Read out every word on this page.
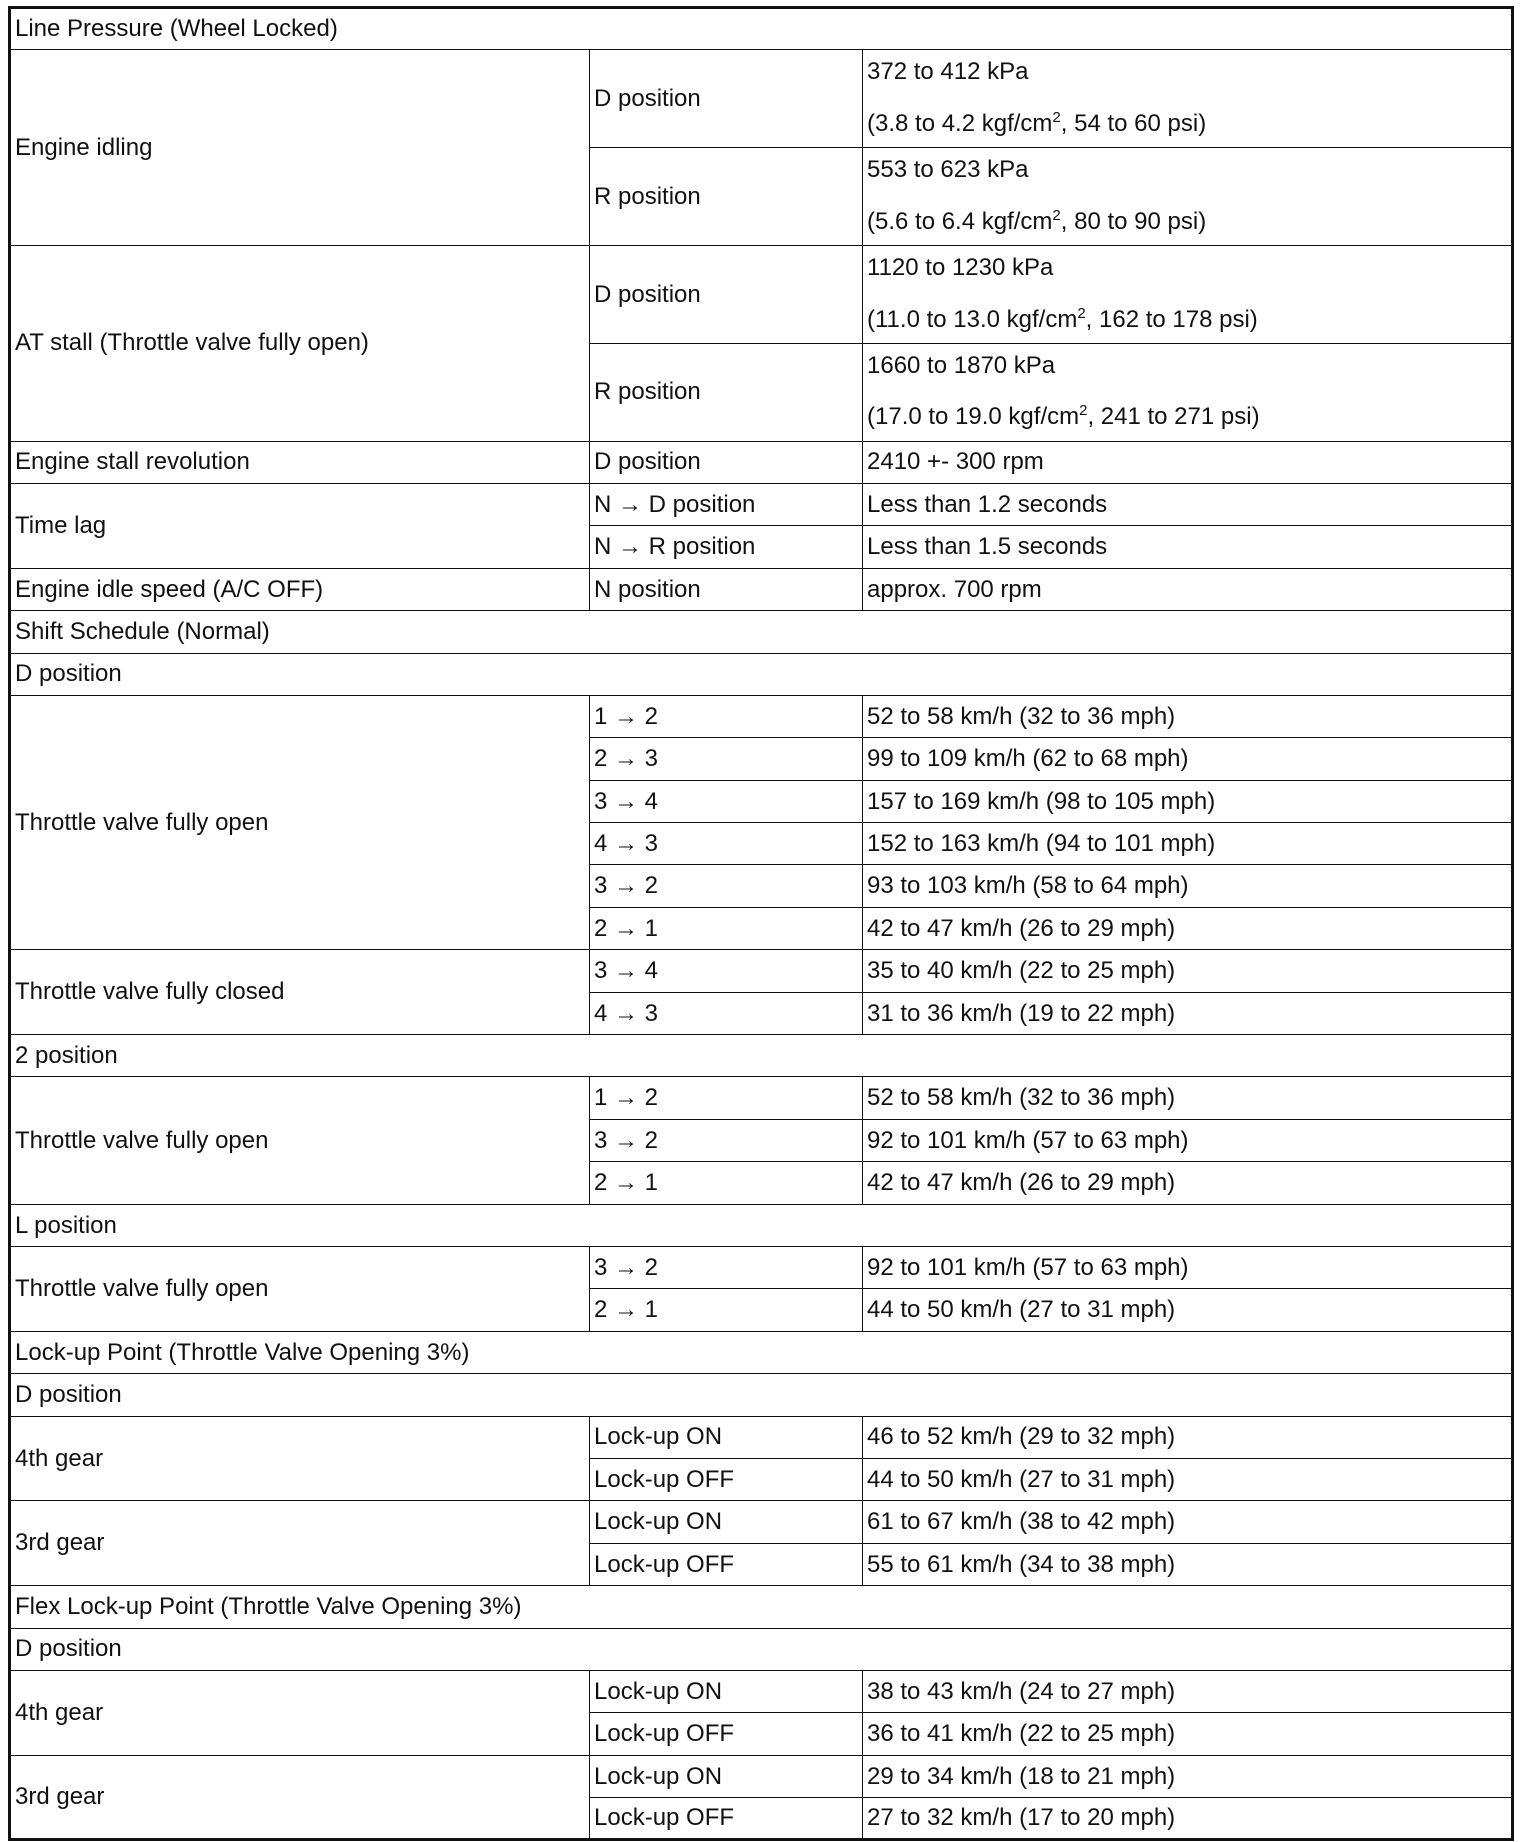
Line Pressure (Wheel Locked)		
Engine idling	D position	372 to 412 kPa
(3.8 to 4.2 kgf/$cm^2$, 54 to 60 psi)

	R position	553 to 623 kPa
(5.6 to 6.4 kgf/$cm^2$, 80 to 90 psi)

AT stall (Throttle valve fully open)	D position	1120 to 1230 kPa
(11.0 to 13.0 kgf/$cm^2$, 162 to 178 psi)

	R position	1660 to 1870 kPa
(17.0 to 19.0 kgf/$cm^2$, 241 to 271 psi)

Engine stall revolution	D position	2410 +- 300 rpm
Time lag	N → D position	Less than 1.2 seconds
	N → R position	Less than 1.5 seconds
Engine idle speed (A/C OFF)	N position	approx. 700 rpm
Shift Schedule (Normal)		
D position		
Throttle valve fully open	1 → 2	52 to 58 km/h (32 to 36 mph)
	2 → 3	99 to 109 km/h (62 to 68 mph)
	3 → 4	157 to 169 km/h (98 to 105 mph)
	4 → 3	152 to 163 km/h (94 to 101 mph)
	3 → 2	93 to 103 km/h (58 to 64 mph)
	2 → 1	42 to 47 km/h (26 to 29 mph)
Throttle valve fully closed	3 → 4	35 to 40 km/h (22 to 25 mph)
	4 → 3	31 to 36 km/h (19 to 22 mph)
2 position		
Throttle valve fully open	1 → 2	52 to 58 km/h (32 to 36 mph)
	3 → 2	92 to 101 km/h (57 to 63 mph)
	2 → 1	42 to 47 km/h (26 to 29 mph)
L position		
Throttle valve fully open	3 → 2	92 to 101 km/h (57 to 63 mph)
	2 → 1	44 to 50 km/h (27 to 31 mph)
Lock-up Point (Throttle Valve Opening 3%)		
D position		
4th gear	Lock-up ON	46 to 52 km/h (29 to 32 mph)
	Lock-up OFF	44 to 50 km/h (27 to 31 mph)
3rd gear	Lock-up ON	61 to 67 km/h (38 to 42 mph)
	Lock-up OFF	55 to 61 km/h (34 to 38 mph)
Flex Lock-up Point (Throttle Valve Opening 3%)		
D position		
4th gear	Lock-up ON	38 to 43 km/h (24 to 27 mph)
	Lock-up OFF	36 to 41 km/h (22 to 25 mph)
3rd gear	Lock-up ON	29 to 34 km/h (18 to 21 mph)
	Lock-up OFF	27 to 32 km/h (17 to 20 mph)
